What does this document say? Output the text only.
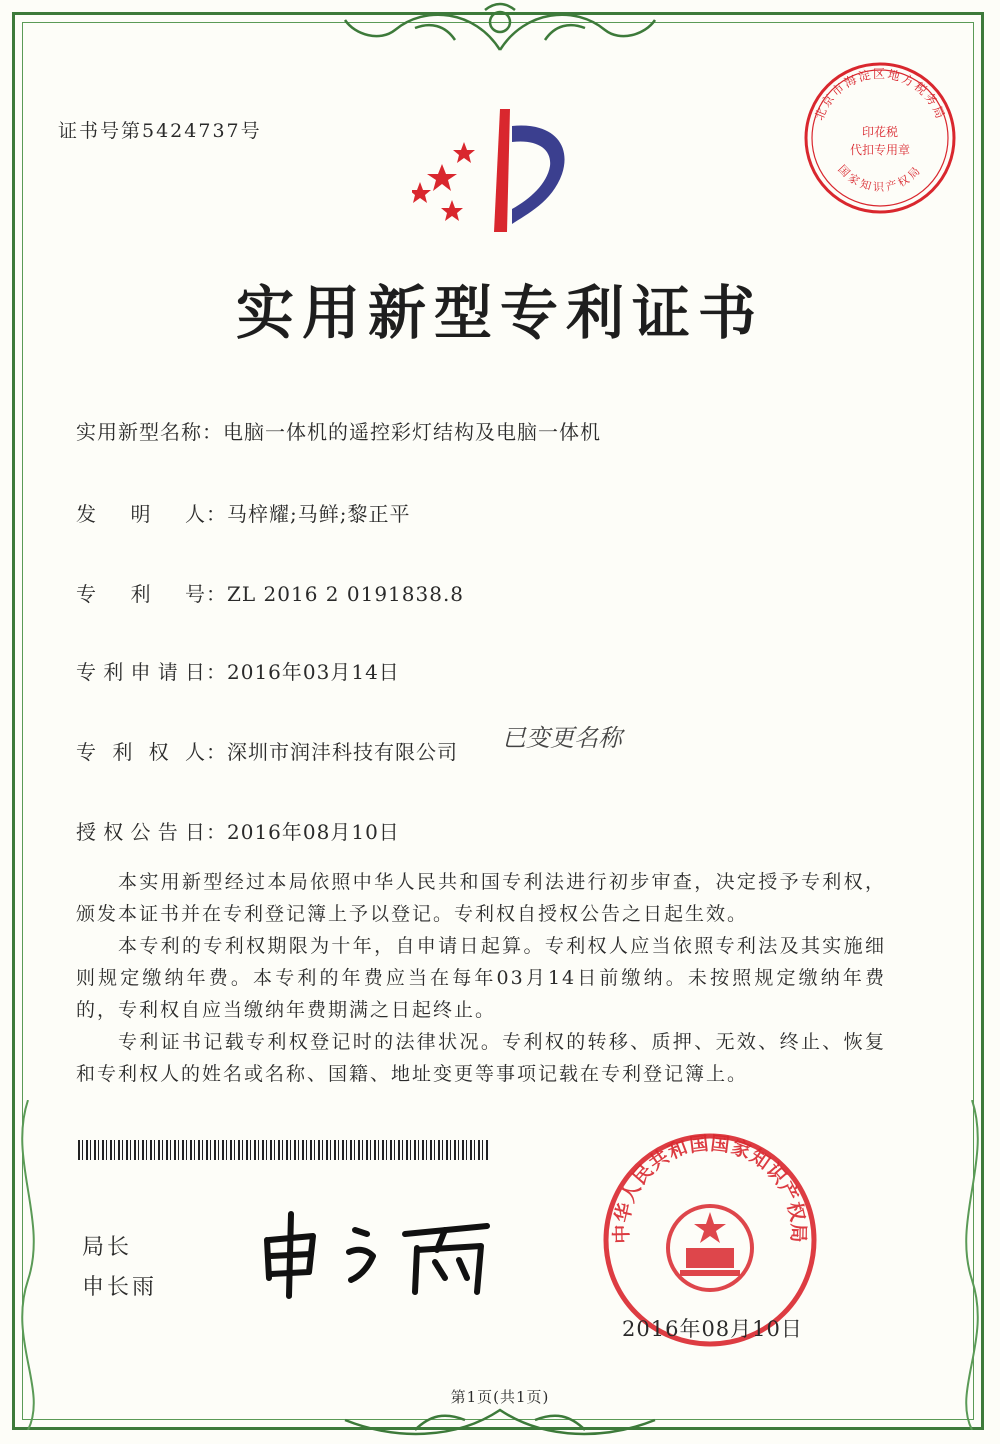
证书号第5424737号
北京市海淀区地方税务局
印花税
代扣专用章
国家知识产权局
实用新型专利证书
实用新型名称：电脑一体机的遥控彩灯结构及电脑一体机
发明人：马梓耀;马鲜;黎正平
专利号：ZL 2016 2 0191838.8
专利申请日：2016年03月14日
专利权人：深圳市润沣科技有限公司
授权公告日：2016年08月10日
已变更名称

本实用新型经过本局依照中华人民共和国专利法进行初步审查，决定授予专利权，颁发本证书并在专利登记簿上予以登记。专利权自授权公告之日起生效。

本专利的专利权期限为十年，自申请日起算。专利权人应当依照专利法及其实施细则规定缴纳年费。本专利的年费应当在每年03月14日前缴纳。未按照规定缴纳年费的，专利权自应当缴纳年费期满之日起终止。

专利证书记载专利权登记时的法律状况。专利权的转移、质押、无效、终止、恢复和专利权人的姓名或名称、国籍、地址变更等事项记载在专利登记簿上。

局长
申长雨
中华人民共和国国家知识产权局
2016年08月10日
第1页(共1页)
